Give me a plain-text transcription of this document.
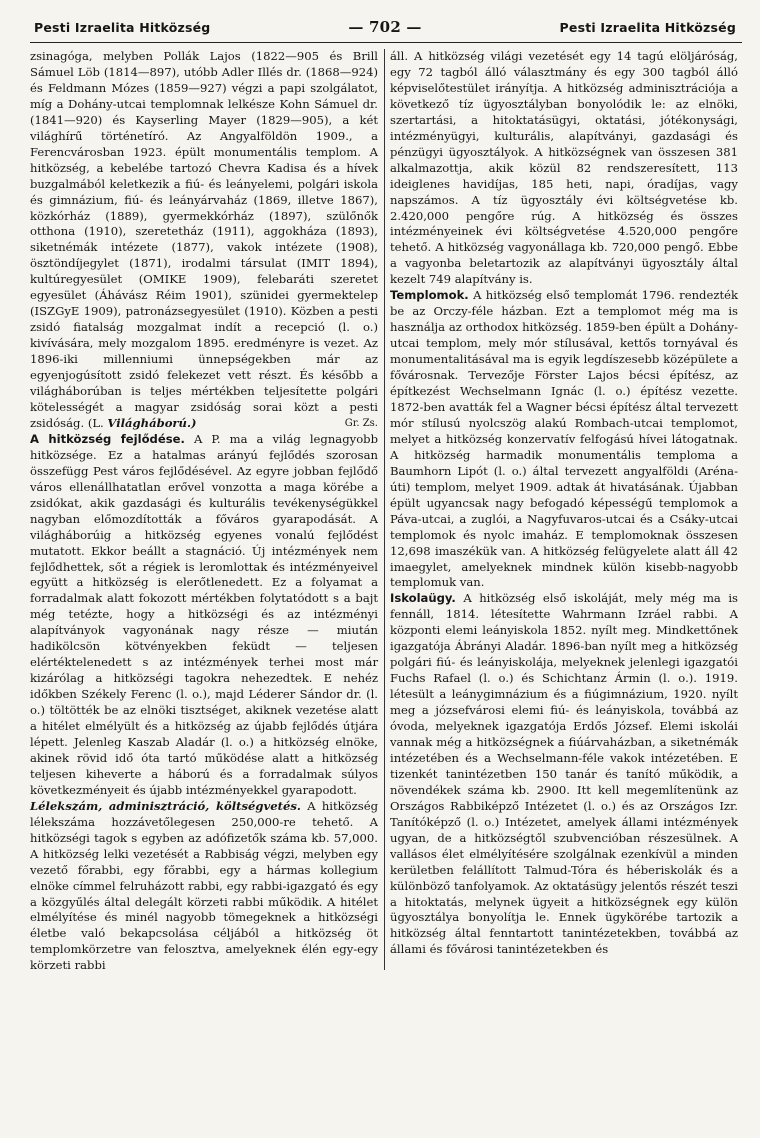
Pesti Izraelita Hitközség	— 702 —	Pesti Izraelita Hitközség

zsinagóga, melyben Pollák Lajos (1822—905 és Brill Sámuel Löb (1814—897), utóbb Adler Illés dr. (1868—924) és Feldmann Mózes (1859—927) végzi a papi szolgálatot, míg a Dohány-utcai templomnak lelkésze Kohn Sámuel dr. (1841—920) és Kayserling Mayer (1829—905), a két világhírű történetíró. Az Angyalföldön 1909., a Ferencvárosban 1923. épült monumentális templom. A hitközség, a kebelébe tartozó Chevra Kadisa és a hívek buzgalmából keletkezik a fiú- és leányelemi, polgári iskola és gimnázium, fiú- és leányárvaház (1869, illetve 1867), közkórház (1889), gyermekkórház (1897), szülőnők otthona (1910), szeretetház (1911), aggokháza (1893), siketnémák intézete (1877), vakok intézete (1908), ösztöndíjegylet (1871), irodalmi társulat (IMIT 1894), kultúregyesület (OMIKE 1909), felebaráti szeretet egyesület (Áhávász Réim 1901), szünidei gyermektelep (ISZGyE 1909), patronázsegyesület (1910). Közben a pesti zsidó fiatalság mozgalmat indít a recepció (l. o.) kivívására, mely mozgalom 1895. eredményre is vezet. Az 1896-iki millenniumi ünnepségekben már az egyenjogúsított zsidó felekezet vett részt. És később a világháborúban is teljes mértékben teljesítette polgári kötelességét a magyar zsidóság sorai közt a pesti zsidóság. (L. Világháború.)	Gr. Zs.

A hitközség fejlődése. A P. ma a világ legnagyobb hitközsége. Ez a hatalmas arányú fejlődés szorosan összefügg Pest város fejlődésével. Az egyre jobban fejlődő város ellenállhatatlan erővel vonzotta a maga körébe a zsidókat, akik gazdasági és kulturális tevékenységükkel nagyban előmozdították a főváros gyarapodását. A világháborúig a hitközség egyenes vonalú fejlődést mutatott. Ekkor beállt a stagnáció. Új intézmények nem fejlődhettek, sőt a régiek is leromlottak és intézményeivel együtt a hitközség is elerőtlenedett. Ez a folyamat a forradalmak alatt fokozott mértékben folytatódott s a bajt még tetézte, hogy a hitközségi és az intézményi alapítványok vagyonának nagy része — miután hadikölcsön kötvényekben feküdt — teljesen elértéktelenedett s az intézmények terhei most már kizárólag a hitközségi tagokra nehezedtek. E nehéz időkben Székely Ferenc (l. o.), majd Léderer Sándor dr. (l. o.) töltötték be az elnöki tisztséget, akiknek vezetése alatt a hitélet elmélyült és a hitközség az újabb fejlődés útjára lépett. Jelenleg Kaszab Aladár (l. o.) a hitközség elnöke, akinek rövid idő óta tartó működése alatt a hitközség teljesen kiheverte a háború és a forradalmak súlyos következményeit és újabb intézményekkel gyarapodott.

Lélekszám, adminisztráció, költségvetés. A hitközség lélekszáma hozzávetőlegesen 250,000-re tehető. A hitközségi tagok s egyben az adófizetők száma kb. 57,000. A hitközség lelki vezetését a Rabbiság végzi, melyben egy vezető főrabbi, egy főrabbi, egy a hármas kollegium elnöke címmel felruházott rabbi, egy rabbi-igazgató és egy a közgyűlés által delegált körzeti rabbi működik. A hitélet elmélyítése és minél nagyobb tömegeknek a hitközségi életbe való bekapcsolása céljából a hitközség öt templomkörzetre van felosztva, amelyeknek élén egy-egy körzeti rabbi

áll. A hitközség világi vezetését egy 14 tagú elöljáróság, egy 72 tagból álló választmány és egy 300 tagból álló képviselőtestület irányítja. A hitközség adminisztrációja a következő tíz ügyosztályban bonyolódik le: az elnöki, szertartási, a hitoktatásügyi, oktatási, jótékonysági, intézményügyi, kulturális, alapítványi, gazdasági és pénzügyi ügyosztályok. A hitközségnek van összesen 381 alkalmazottja, akik közül 82 rendszeresített, 113 ideiglenes havidíjas, 185 heti, napi, óradíjas, vagy napszámos. A tíz ügyosztály évi költségvetése kb. 2.420,000 pengőre rúg. A hitközség és összes intézményeinek évi költségvetése 4.520,000 pengőre tehető. A hitközség vagyonállaga kb. 720,000 pengő. Ebbe a vagyonba beletartozik az alapítványi ügyosztály által kezelt 749 alapítvány is.

Templomok. A hitközség első templomát 1796. rendezték be az Orczy-féle házban. Ezt a templomot még ma is használja az orthodox hitközség. 1859-ben épült a Dohány-utcai templom, mely mór stílusával, kettős tornyával és monumentalitásával ma is egyik legdíszesebb középülete a fővárosnak. Tervezője Förster Lajos bécsi építész, az építkezést Wechselmann Ignác (l. o.) építész vezette. 1872-ben avatták fel a Wagner bécsi építész által tervezett mór stílusú nyolcszög alakú Rombach-utcai templomot, melyet a hitközség konzervatív felfogású hívei látogatnak. A hitközség harmadik monumentális temploma a Baumhorn Lipót (l. o.) által tervezett angyalföldi (Aréna-úti) templom, melyet 1909. adtak át hivatásának. Újabban épült ugyancsak nagy befogadó képességű templomok a Páva-utcai, a zuglói, a Nagyfuvaros-utcai és a Csáky-utcai templomok és nyolc imaház. E templomoknak összesen 12,698 imaszékük van. A hitközség felügyelete alatt áll 42 imaegylet, amelyeknek mindnek külön kisebb-nagyobb templomuk van.

Iskolaügy. A hitközség első iskoláját, mely még ma is fennáll, 1814. létesítette Wahrmann Izráel rabbi. A központi elemi leányiskola 1852. nyílt meg. Mindkettőnek igazgatója Ábrányi Aladár. 1896-ban nyílt meg a hitközség polgári fiú- és leányiskolája, melyeknek jelenlegi igazgatói Fuchs Rafael (l. o.) és Schichtanz Ármin (l. o.). 1919. létesült a leánygimnázium és a fiúgimnázium, 1920. nyílt meg a józsefvárosi elemi fiú- és leányiskola, továbbá az óvoda, melyeknek igazgatója Erdős József. Elemi iskolái vannak még a hitközségnek a fiúárvaházban, a siketnémák intézetében és a Wechselmann-féle vakok intézetében. E tizenkét tanintézetben 150 tanár és tanító működik, a növendékek száma kb. 2900. Itt kell megemlítenünk az Országos Rabbiképző Intézetet (l. o.) és az Országos Izr. Tanítóképző (l. o.) Intézetet, amelyek állami intézmények ugyan, de a hitközségtől szubvencióban részesülnek. A vallásos élet elmélyítésére szolgálnak ezenkívül a minden kerületben felállított Talmud-Tóra és héberiskolák és a különböző tanfolyamok. Az oktatásügy jelentős részét teszi a hitoktatás, melynek ügyeit a hitközségnek egy külön ügyosztálya bonyolítja le. Ennek ügykörébe tartozik a hitközség által fenntartott tanintézetekben, továbbá az állami és fővárosi tanintézetekben és
